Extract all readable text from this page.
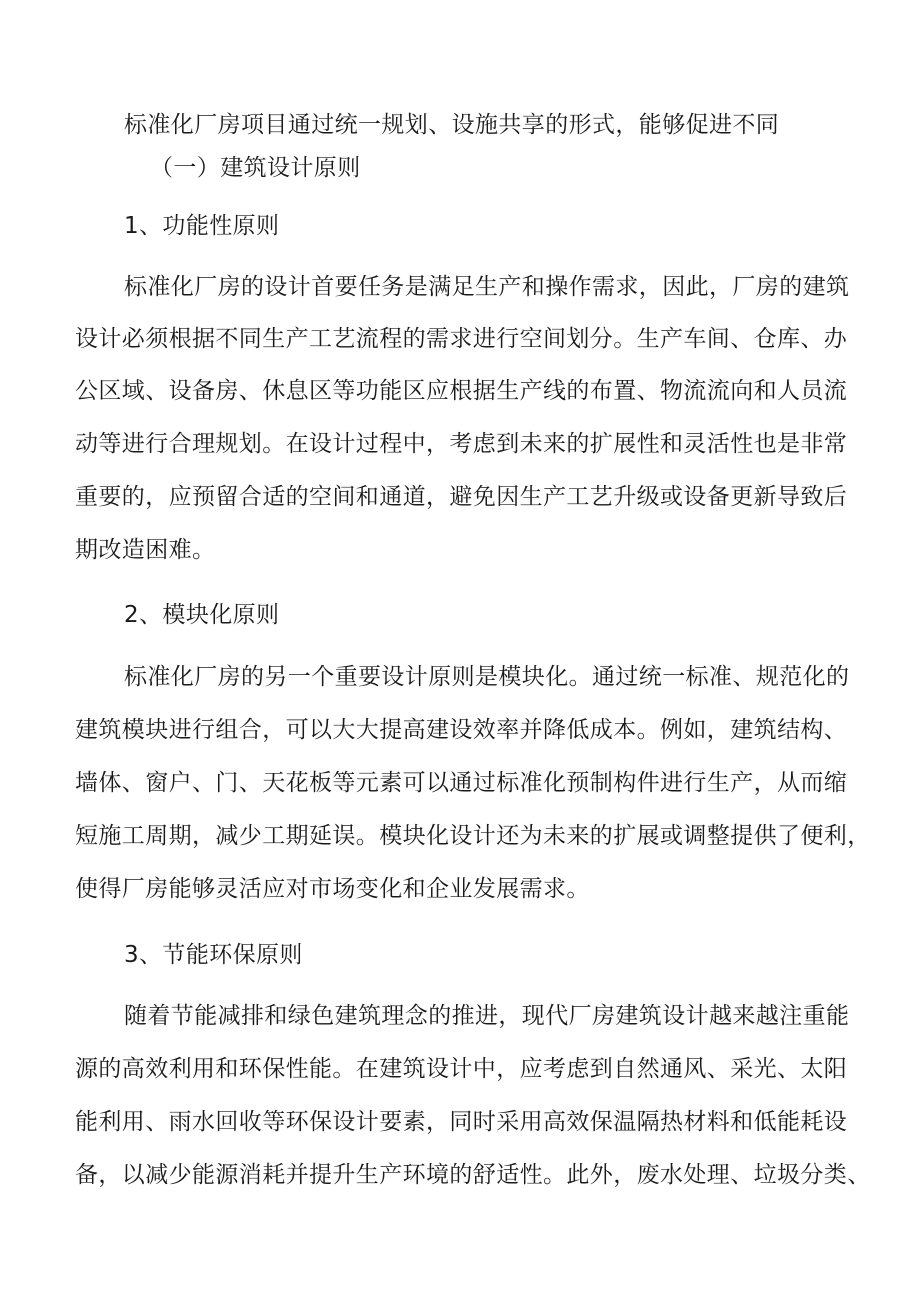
标准化厂房项目通过统一规划、设施共享的形式，能够促进不同
（一）建筑设计原则
1、功能性原则
标准化厂房的设计首要任务是满足生产和操作需求，因此，厂房的建筑
设计必须根据不同生产工艺流程的需求进行空间划分。生产车间、仓库、办
公区域、设备房、休息区等功能区应根据生产线的布置、物流流向和人员流
动等进行合理规划。在设计过程中，考虑到未来的扩展性和灵活性也是非常
重要的，应预留合适的空间和通道，避免因生产工艺升级或设备更新导致后
期改造困难。
2、模块化原则
标准化厂房的另一个重要设计原则是模块化。通过统一标准、规范化的
建筑模块进行组合，可以大大提高建设效率并降低成本。例如，建筑结构、
墙体、窗户、门、天花板等元素可以通过标准化预制构件进行生产，从而缩
短施工周期，减少工期延误。模块化设计还为未来的扩展或调整提供了便利，
使得厂房能够灵活应对市场变化和企业发展需求。
3、节能环保原则
随着节能减排和绿色建筑理念的推进，现代厂房建筑设计越来越注重能
源的高效利用和环保性能。在建筑设计中，应考虑到自然通风、采光、太阳
能利用、雨水回收等环保设计要素，同时采用高效保温隔热材料和低能耗设
备，以减少能源消耗并提升生产环境的舒适性。此外，废水处理、垃圾分类、
